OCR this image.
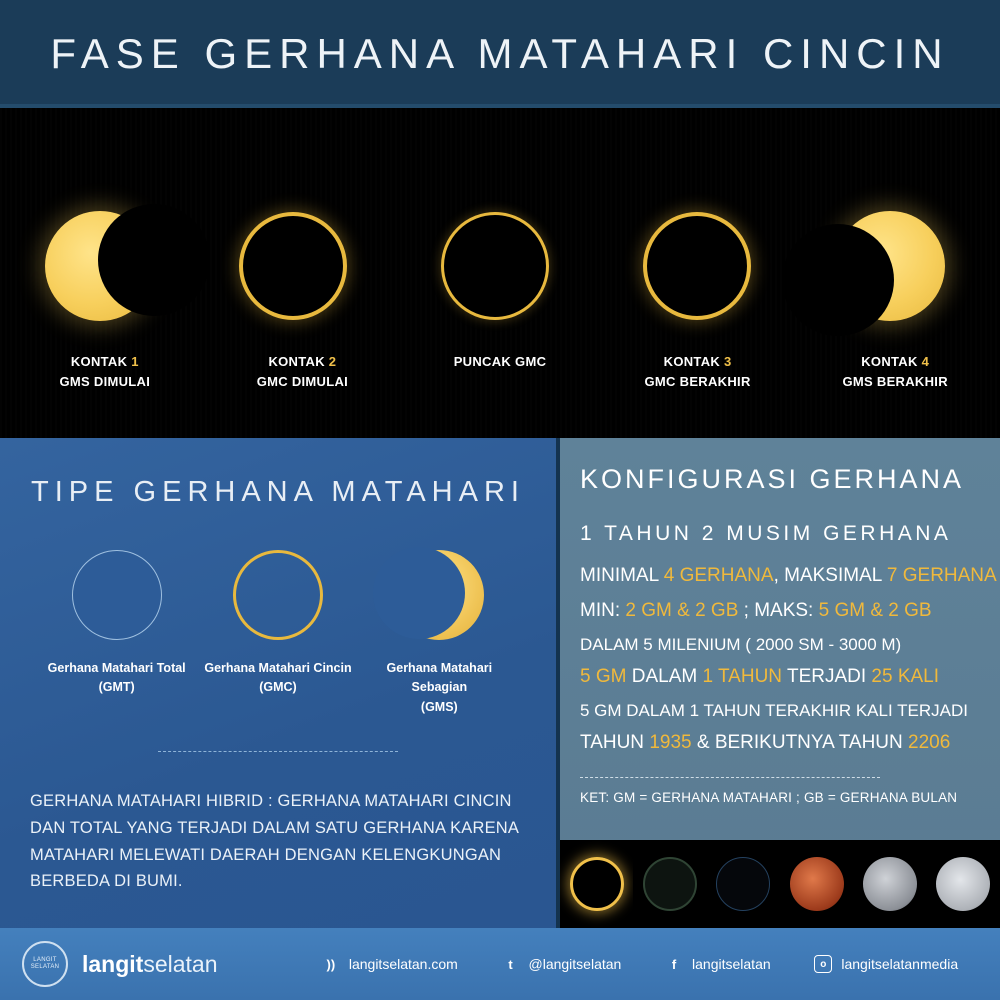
FASE GERHANA MATAHARI CINCIN
KONTAK 1
GMS DIMULAI
KONTAK 2
GMC DIMULAI
PUNCAK GMC	KONTAK 3
GMC BERAKHIR
KONTAK 4
GMS BERAKHIR
TIPE GERHANA MATAHARI
Gerhana Matahari Total
(GMT)
Gerhana Matahari Cincin
(GMC)
Gerhana Matahari Sebagian
(GMS)
GERHANA MATAHARI HIBRID : GERHANA MATAHARI CINCIN DAN TOTAL YANG TERJADI DALAM SATU GERHANA KARENA MATAHARI MELEWATI DAERAH DENGAN KELENGKUNGAN BERBEDA DI BUMI.
KONFIGURASI GERHANA
1 TAHUN 2 MUSIM GERHANA
MINIMAL 4 GERHANA, MAKSIMAL 7 GERHANA
MIN: 2 GM & 2 GB ; MAKS: 5 GM & 2 GB
DALAM 5 MILENIUM ( 2000 SM - 3000 M)
5 GM DALAM 1 TAHUN TERJADI 25 KALI
5 GM DALAM 1 TAHUN TERAKHIR KALI TERJADI
TAHUN 1935 & BERIKUTNYA TAHUN 2206
KET: GM = GERHANA MATAHARI ; GB = GERHANA BULAN
LANGIT SELATAN langitselatan	)) langitselatan.com	t	@langitselatan	f	langitselatan	o	langitselatanmedia
